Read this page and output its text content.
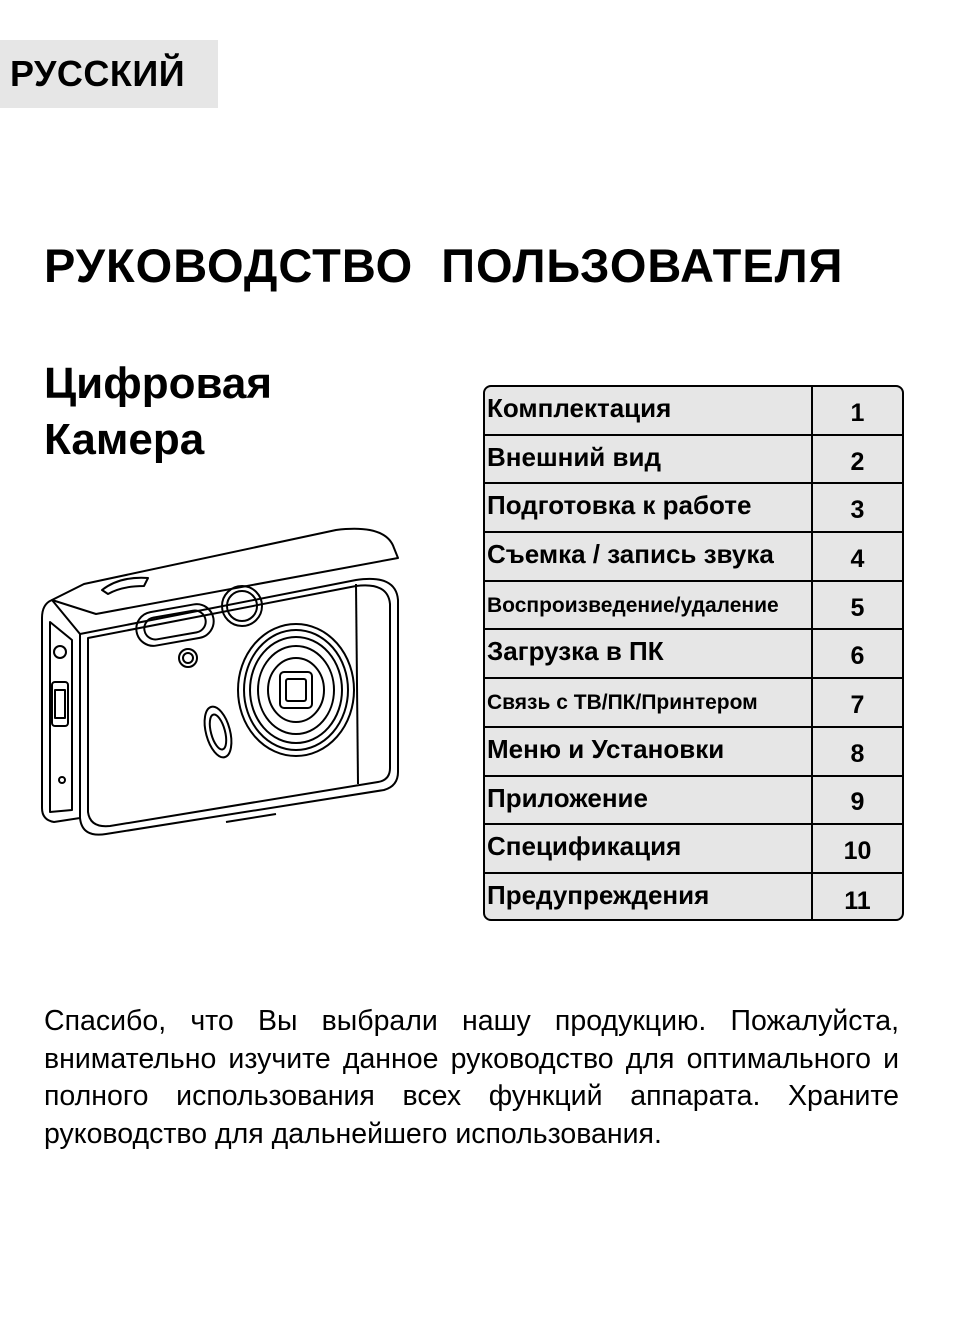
РУССКИЙ
РУКОВОДСТВО ПОЛЬЗОВАТЕЛЯ
Цифровая
Камера
Комплектация	1
Внешний вид	2
Подготовка к работе	3
Съемка / запись звука	4
Воспроизведение/удаление	5
Загрузка в ПК	6
Связь с ТВ/ПК/Принтером	7
Меню и Установки	8
Приложение	9
Спецификация	10
Предупреждения	11
Спасибо, что Вы выбрали нашу продукцию. Пожалуйста, внимательно изучите данное руководство для оптимального и полного использования всех функций аппарата. Храните руководство для дальнейшего использования.
